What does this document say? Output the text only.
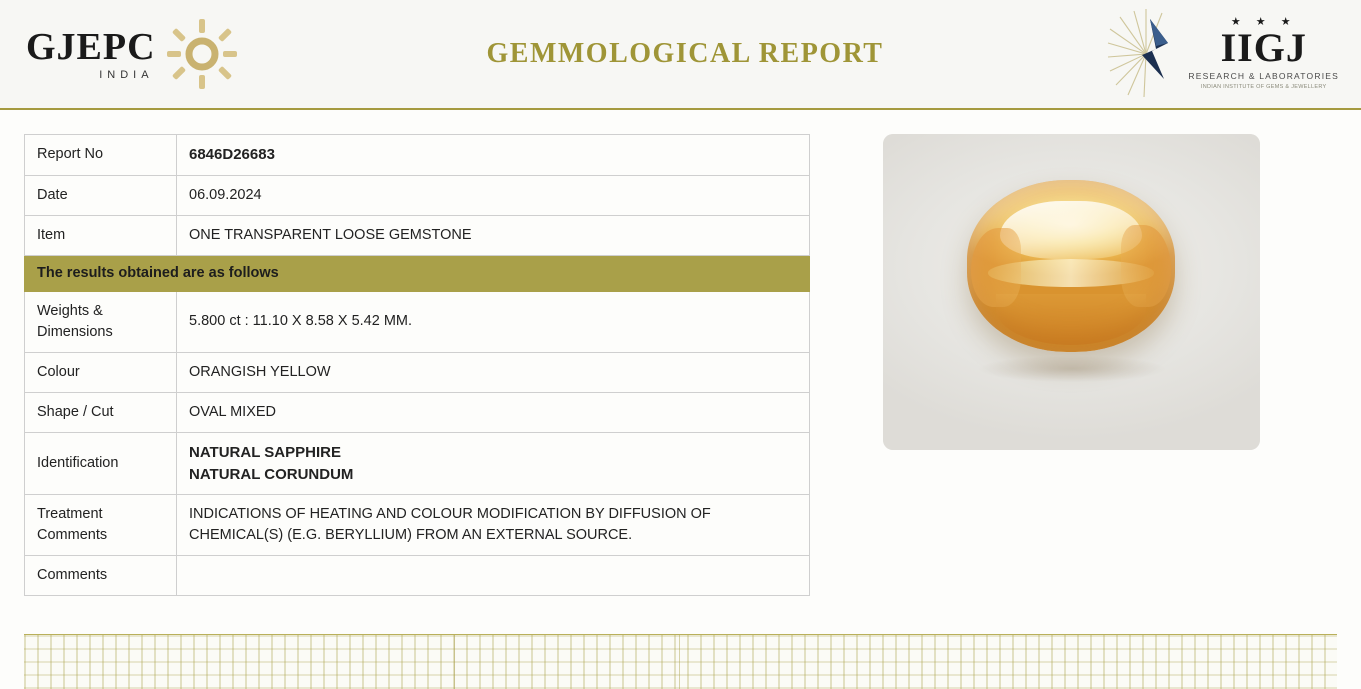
GJEPC
INDIA
GEMMOLOGICAL REPORT
★ ★ ★
IIGJ
RESEARCH & LABORATORIES
INDIAN INSTITUTE OF GEMS & JEWELLERY
Report No	6846D26683
Date	06.09.2024
Item	ONE TRANSPARENT LOOSE GEMSTONE
The results obtained are as follows	
Weights & Dimensions	5.800 ct : 11.10 X 8.58 X 5.42 MM.
Colour	ORANGISH YELLOW
Shape / Cut	OVAL MIXED
Identification	NATURAL SAPPHIRE
NATURAL CORUNDUM

Treatment Comments	INDICATIONS OF HEATING AND COLOUR MODIFICATION BY DIFFUSION OF CHEMICAL(S) (E.G. BERYLLIUM) FROM AN EXTERNAL SOURCE.
Comments	
